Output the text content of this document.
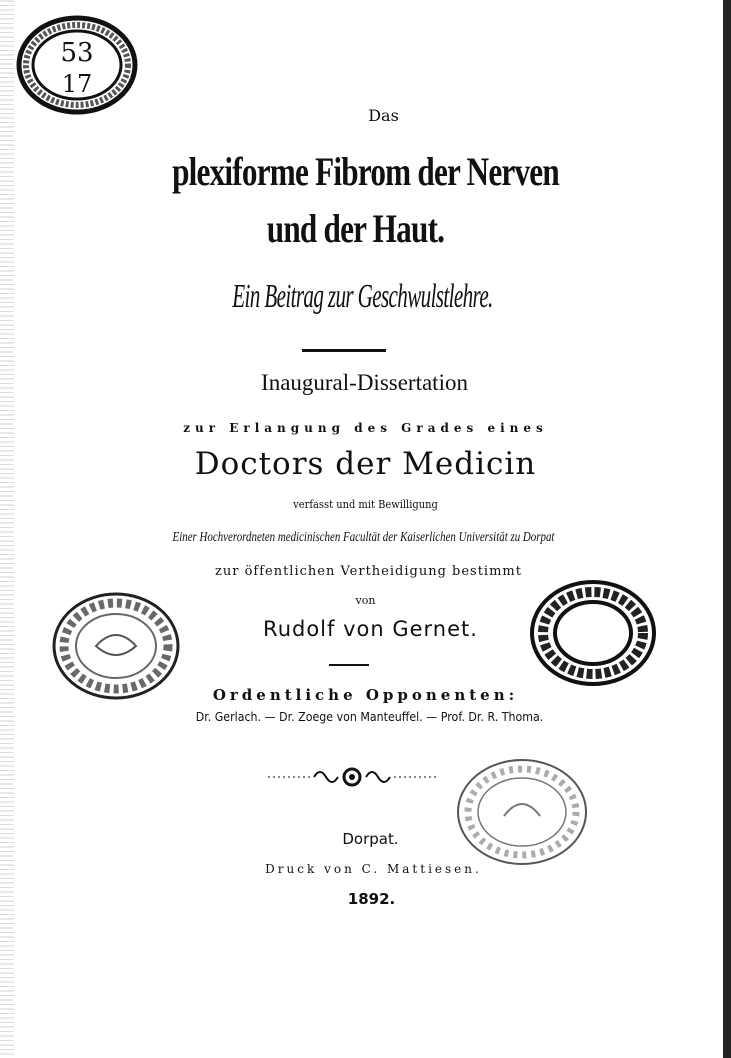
53
17
Das
plexiforme Fibrom der Nerven
und der Haut.
Ein Beitrag zur Geschwulstlehre.
Inaugural-Dissertation
zur Erlangung des Grades eines
Doctors der Medicin
verfasst und mit Bewilligung
Einer Hochverordneten medicinischen Facultät der Kaiserlichen Universität zu Dorpat
zur öffentlichen Vertheidigung bestimmt
von
Rudolf von Gernet.
Ordentliche Opponenten:
Dr. Gerlach. — Dr. Zoege von Manteuffel. — Prof. Dr. R. Thoma.
Dorpat.
Druck von C. Mattiesen.
1892.
